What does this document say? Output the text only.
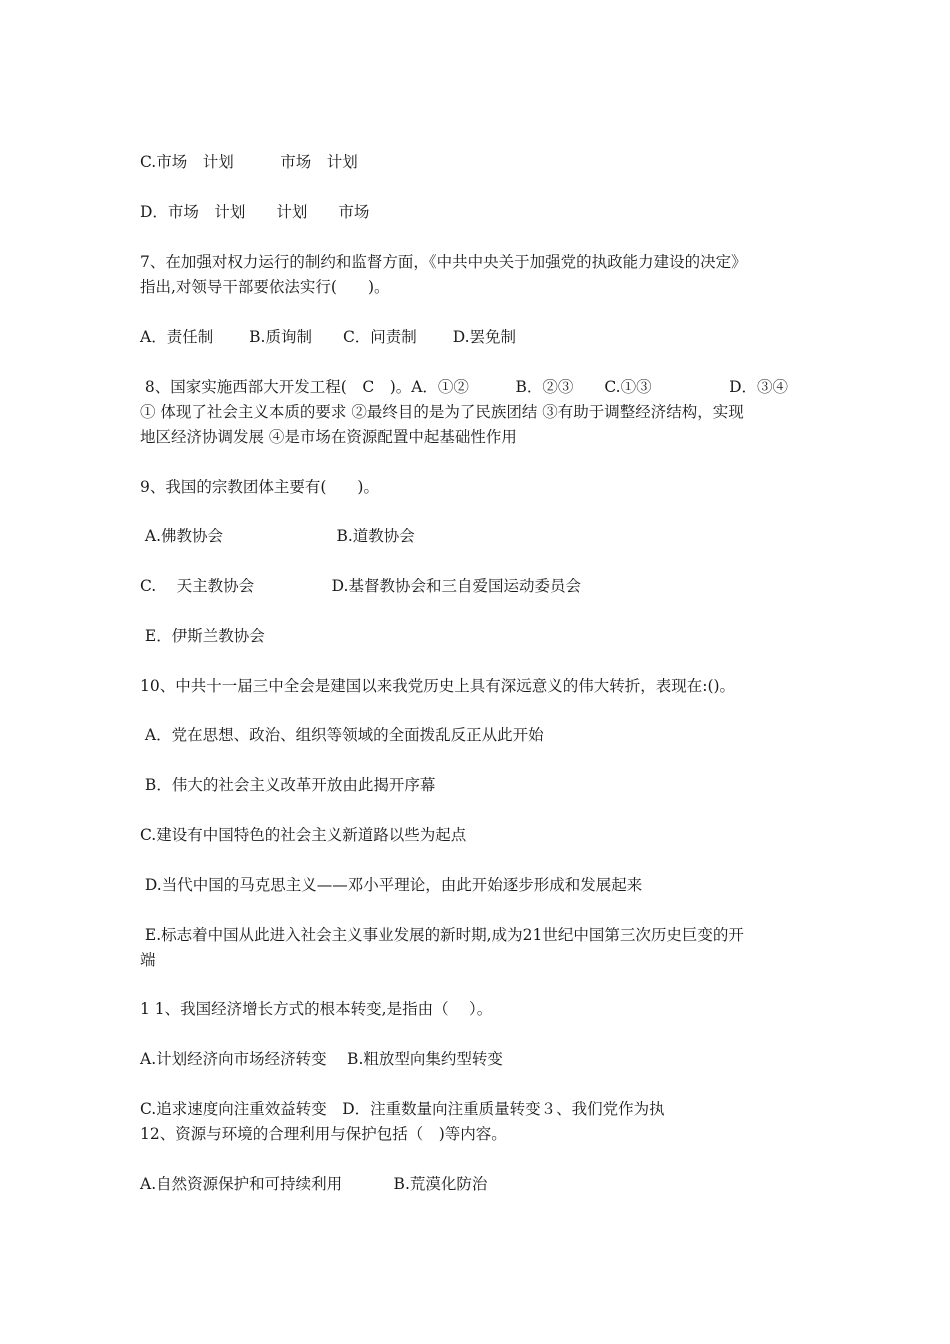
C.市场　计划　　　市场　计划
D．市场　计划　　计划　　市场
7、在加强对权力运行的制约和监督方面，《中共中央关于加强党的执政能力建设的决定》
指出,对领导干部要依法实行(　　)。
A．责任制　　 B.质询制　　C．问责制　　 D.罢免制
8、国家实施西部大开发工程(　C　)。A．①②　　　B．②③　　C.①③　　　　　D．③④
① 体现了社会主义本质的要求 ②最终目的是为了民族团结 ③有助于调整经济结构，实现
地区经济协调发展 ④是市场在资源配置中起基础性作用
9、我国的宗教团体主要有(　　)。
A.佛教协会　　　　　　　 B.道教协会
C.　 天主教协会　　　　　D.基督教协会和三自爱国运动委员会
E．伊斯兰教协会
10、中共十一届三中全会是建国以来我党历史上具有深远意义的伟大转折，表现在:()。
A．党在思想、政治、组织等领域的全面拨乱反正从此开始
B．伟大的社会主义改革开放由此揭开序幕
C.建设有中国特色的社会主义新道路以些为起点
D.当代中国的马克思主义——邓小平理论，由此开始逐步形成和发展起来
E.标志着中国从此进入社会主义事业发展的新时期,成为21世纪中国第三次历史巨变的开
端
1 1、我国经济增长方式的根本转变,是指由（　 ）。
A.计划经济向市场经济转变　 B.粗放型向集约型转变
C.追求速度向注重效益转变　D．注重数量向注重质量转变３、我们党作为执
12、资源与环境的合理利用与保护包括（　)等内容。
A.自然资源保护和可持续利用　　　 B.荒漠化防治
